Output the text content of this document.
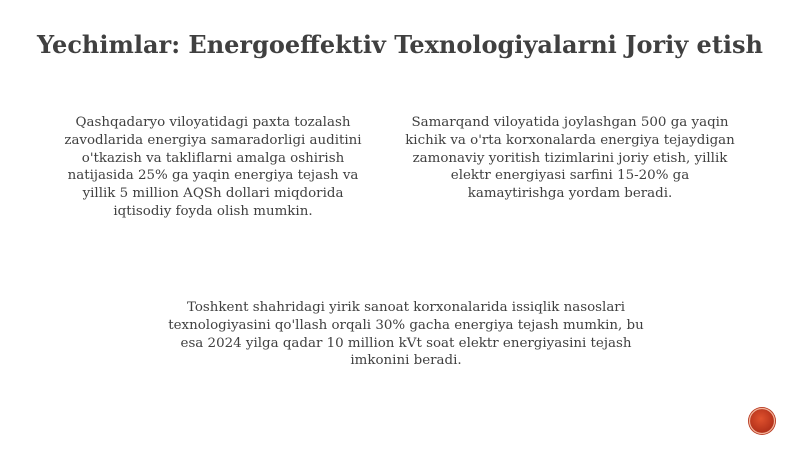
Yechimlar: Energoeffektiv Texnologiyalarni Joriy etish

Qashqadaryo viloyatidagi paxta tozalash
zavodlarida energiya samaradorligi auditini
o'tkazish va takliflarni amalga oshirish
natijasida 25% ga yaqin energiya tejash va
yillik 5 million AQSh dollari miqdorida
iqtisodiy foyda olish mumkin.

Samarqand viloyatida joylashgan 500 ga yaqin
kichik va o'rta korxonalarda energiya tejaydigan
zamonaviy yoritish tizimlarini joriy etish, yillik
elektr energiyasi sarfini 15-20% ga
kamaytirishga yordam beradi.

Toshkent shahridagi yirik sanoat korxonalarida issiqlik nasoslari
texnologiyasini qo'llash orqali 30% gacha energiya tejash mumkin, bu
esa 2024 yilga qadar 10 million kVt soat elektr energiyasini tejash
imkonini beradi.
